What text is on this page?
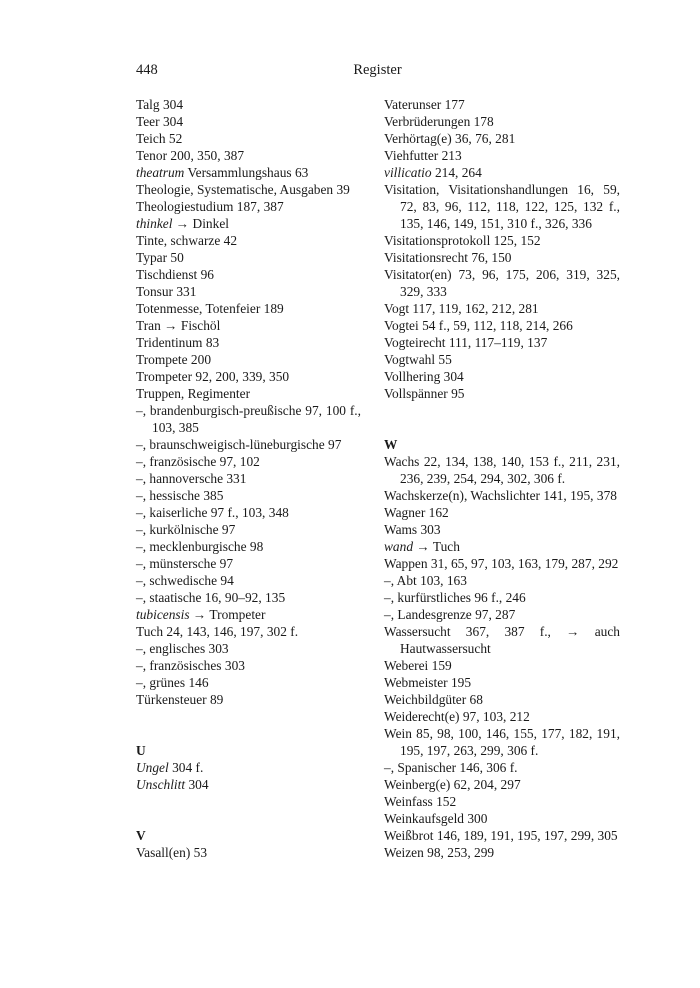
448	Register

Talg 304

Teer 304

Teich 52

Tenor 200, 350, 387

theatrum Versammlungshaus 63

Theologie, Systematische, Ausgaben 39

Theologiestudium 187, 387

thinkel → Dinkel

Tinte, schwarze 42

Typar 50

Tischdienst 96

Tonsur 331

Totenmesse, Totenfeier 189

Tran → Fischöl

Tridentinum 83

Trompete 200

Trompeter 92, 200, 339, 350

Truppen, Regimenter

–, brandenburgisch-preußische 97, 100 f., 103, 385

–, braunschweigisch-lüneburgische 97

–, französische 97, 102

–, hannoversche 331

–, hessische 385

–, kaiserliche 97 f., 103, 348

–, kurkölnische 97

–, mecklenburgische 98

–, münstersche 97

–, schwedische 94

–, staatische 16, 90–92, 135

tubicensis → Trompeter

Tuch 24, 143, 146, 197, 302 f.

–, englisches 303

–, französisches 303

–, grünes 146

Türkensteuer 89

U

Ungel 304 f.

Unschlitt 304

V

Vasall(en) 53

Vaterunser 177

Verbrüderungen 178

Verhörtag(e) 36, 76, 281

Viehfutter 213

villicatio 214, 264

Visitation, Visitationshandlungen 16, 59, 72, 83, 96, 112, 118, 122, 125, 132 f., 135, 146, 149, 151, 310 f., 326, 336

Visitationsprotokoll 125, 152

Visitationsrecht 76, 150

Visitator(en) 73, 96, 175, 206, 319, 325, 329, 333

Vogt 117, 119, 162, 212, 281

Vogtei 54 f., 59, 112, 118, 214, 266

Vogteirecht 111, 117–119, 137

Vogtwahl 55

Vollhering 304

Vollspänner 95

W

Wachs 22, 134, 138, 140, 153 f., 211, 231, 236, 239, 254, 294, 302, 306 f.

Wachskerze(n), Wachslichter 141, 195, 378

Wagner 162

Wams 303

wand → Tuch

Wappen 31, 65, 97, 103, 163, 179, 287, 292

–, Abt 103, 163

–, kurfürstliches 96 f., 246

–, Landesgrenze 97, 287

Wassersucht 367, 387 f., → auch Hautwassersucht

Weberei 159

Webmeister 195

Weichbildgüter 68

Weiderecht(e) 97, 103, 212

Wein 85, 98, 100, 146, 155, 177, 182, 191, 195, 197, 263, 299, 306 f.

–, Spanischer 146, 306 f.

Weinberg(e) 62, 204, 297

Weinfass 152

Weinkaufsgeld 300

Weißbrot 146, 189, 191, 195, 197, 299, 305

Weizen 98, 253, 299
